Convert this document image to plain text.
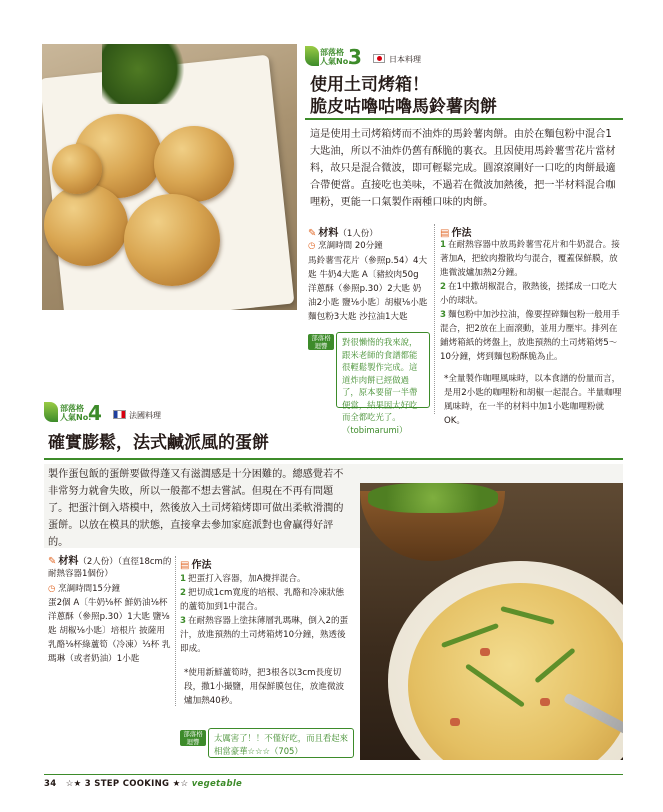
部落格
人氣No.
3	日本料理
使用土司烤箱！
脆皮咕嚕咕嚕馬鈴薯肉餅
這是使用土司烤箱烤而不油炸的馬鈴薯肉餅。由於在麵包粉中混合1大匙油，所以不油炸仍舊有酥脆的裏衣。且因使用馬鈴薯雪花片當材料，故只是混合微波，即可輕鬆完成。圓滾滾剛好一口吃的肉餅最適合帶便當。直接吃也美味，不過若在微波加熱後，把一半材料混合咖哩粉，更能一口氣製作兩種口味的肉餅。
✎ 材料（1人份）
◷ 烹調時間 20分鐘
馬鈴薯雪花片（參照p.54）4大匙 牛奶4大匙 A〔豬絞肉50g 洋蔥酥（參照p.30）2大匙 奶油2小匙 鹽⅛小匙〕胡椒⅛小匙 麵包粉3大匙 沙拉油1大匙
部落格
迴響	對很懶惰的我來說，跟米老師的食譜都能很輕鬆製作完成。這道炸肉餅已經做過了，原本要留一半帶便當，結果因太好吃而全都吃光了。（tobimarumi）
▤ 作法
1 在耐熱容器中放馬鈴薯雪花片和牛奶混合。接著加A，把絞肉撥散均勻混合，覆蓋保鮮膜，放進微波爐加熱2分鐘。
2 在1中撒胡椒混合，散熱後，搓揉成一口吃大小的球狀。
3 麵包粉中加沙拉油，像要捏碎麵包粉一般用手混合，把2放在上面滾動，並用力壓牢。排列在鋪烤箱紙的烤盤上，放進預熱的土司烤箱烤5～10分鐘，烤到麵包粉酥脆為止。
*全量製作咖哩風味時，以本食譜的份量而言，是用2小匙的咖哩粉和胡椒一起混合。半量咖哩風味時，在一半的材料中加1小匙咖哩粉就OK。
部落格
人氣No.
4	法國料理
確實膨鬆，法式鹹派風的蛋餅
製作蛋包飯的蛋餅要做得蓬又有滋潤感是十分困難的。總感覺若不非常努力就會失敗，所以一般都不想去嘗試。但現在不再有問題了。把蛋汁倒入塔模中，然後放入土司烤箱烤即可做出柔軟滑潤的蛋餅。以放在模具的狀態，直接拿去參加家庭派對也會贏得好評的。
✎ 材料（2人份）（直徑18cm的耐熱容器1個份）
◷ 烹調時間15分鐘
蛋2個 A〔牛奶⅛杯 鮮奶油⅛杯 洋蔥酥（參照p.30）1大匙 鹽⅛匙 胡椒⅛小匙〕培根片 披薩用乳酪⅛杯綠蘆筍（冷凍）⅓杯 乳瑪琳（或者奶油）1小匙
▤ 作法
1 把蛋打入容器，加A攪拌混合。
2 把切成1cm寬度的培根、乳酪和冷凍狀態的蘆筍加到1中混合。
3 在耐熱容器上塗抹薄層乳瑪琳，倒入2的蛋汁，放進預熱的土司烤箱烤10分鐘，熟透後即成。
*使用新鮮蘆筍時，把3根各以3cm長度切段，撒1小撮鹽，用保鮮膜包住，放進微波爐加熱40秒。
部落格
迴響	太厲害了！！不僅好吃，而且看起來相當豪華☆☆☆（705）
34 ☆★ 3 STEP COOKING ★☆ vegetable
